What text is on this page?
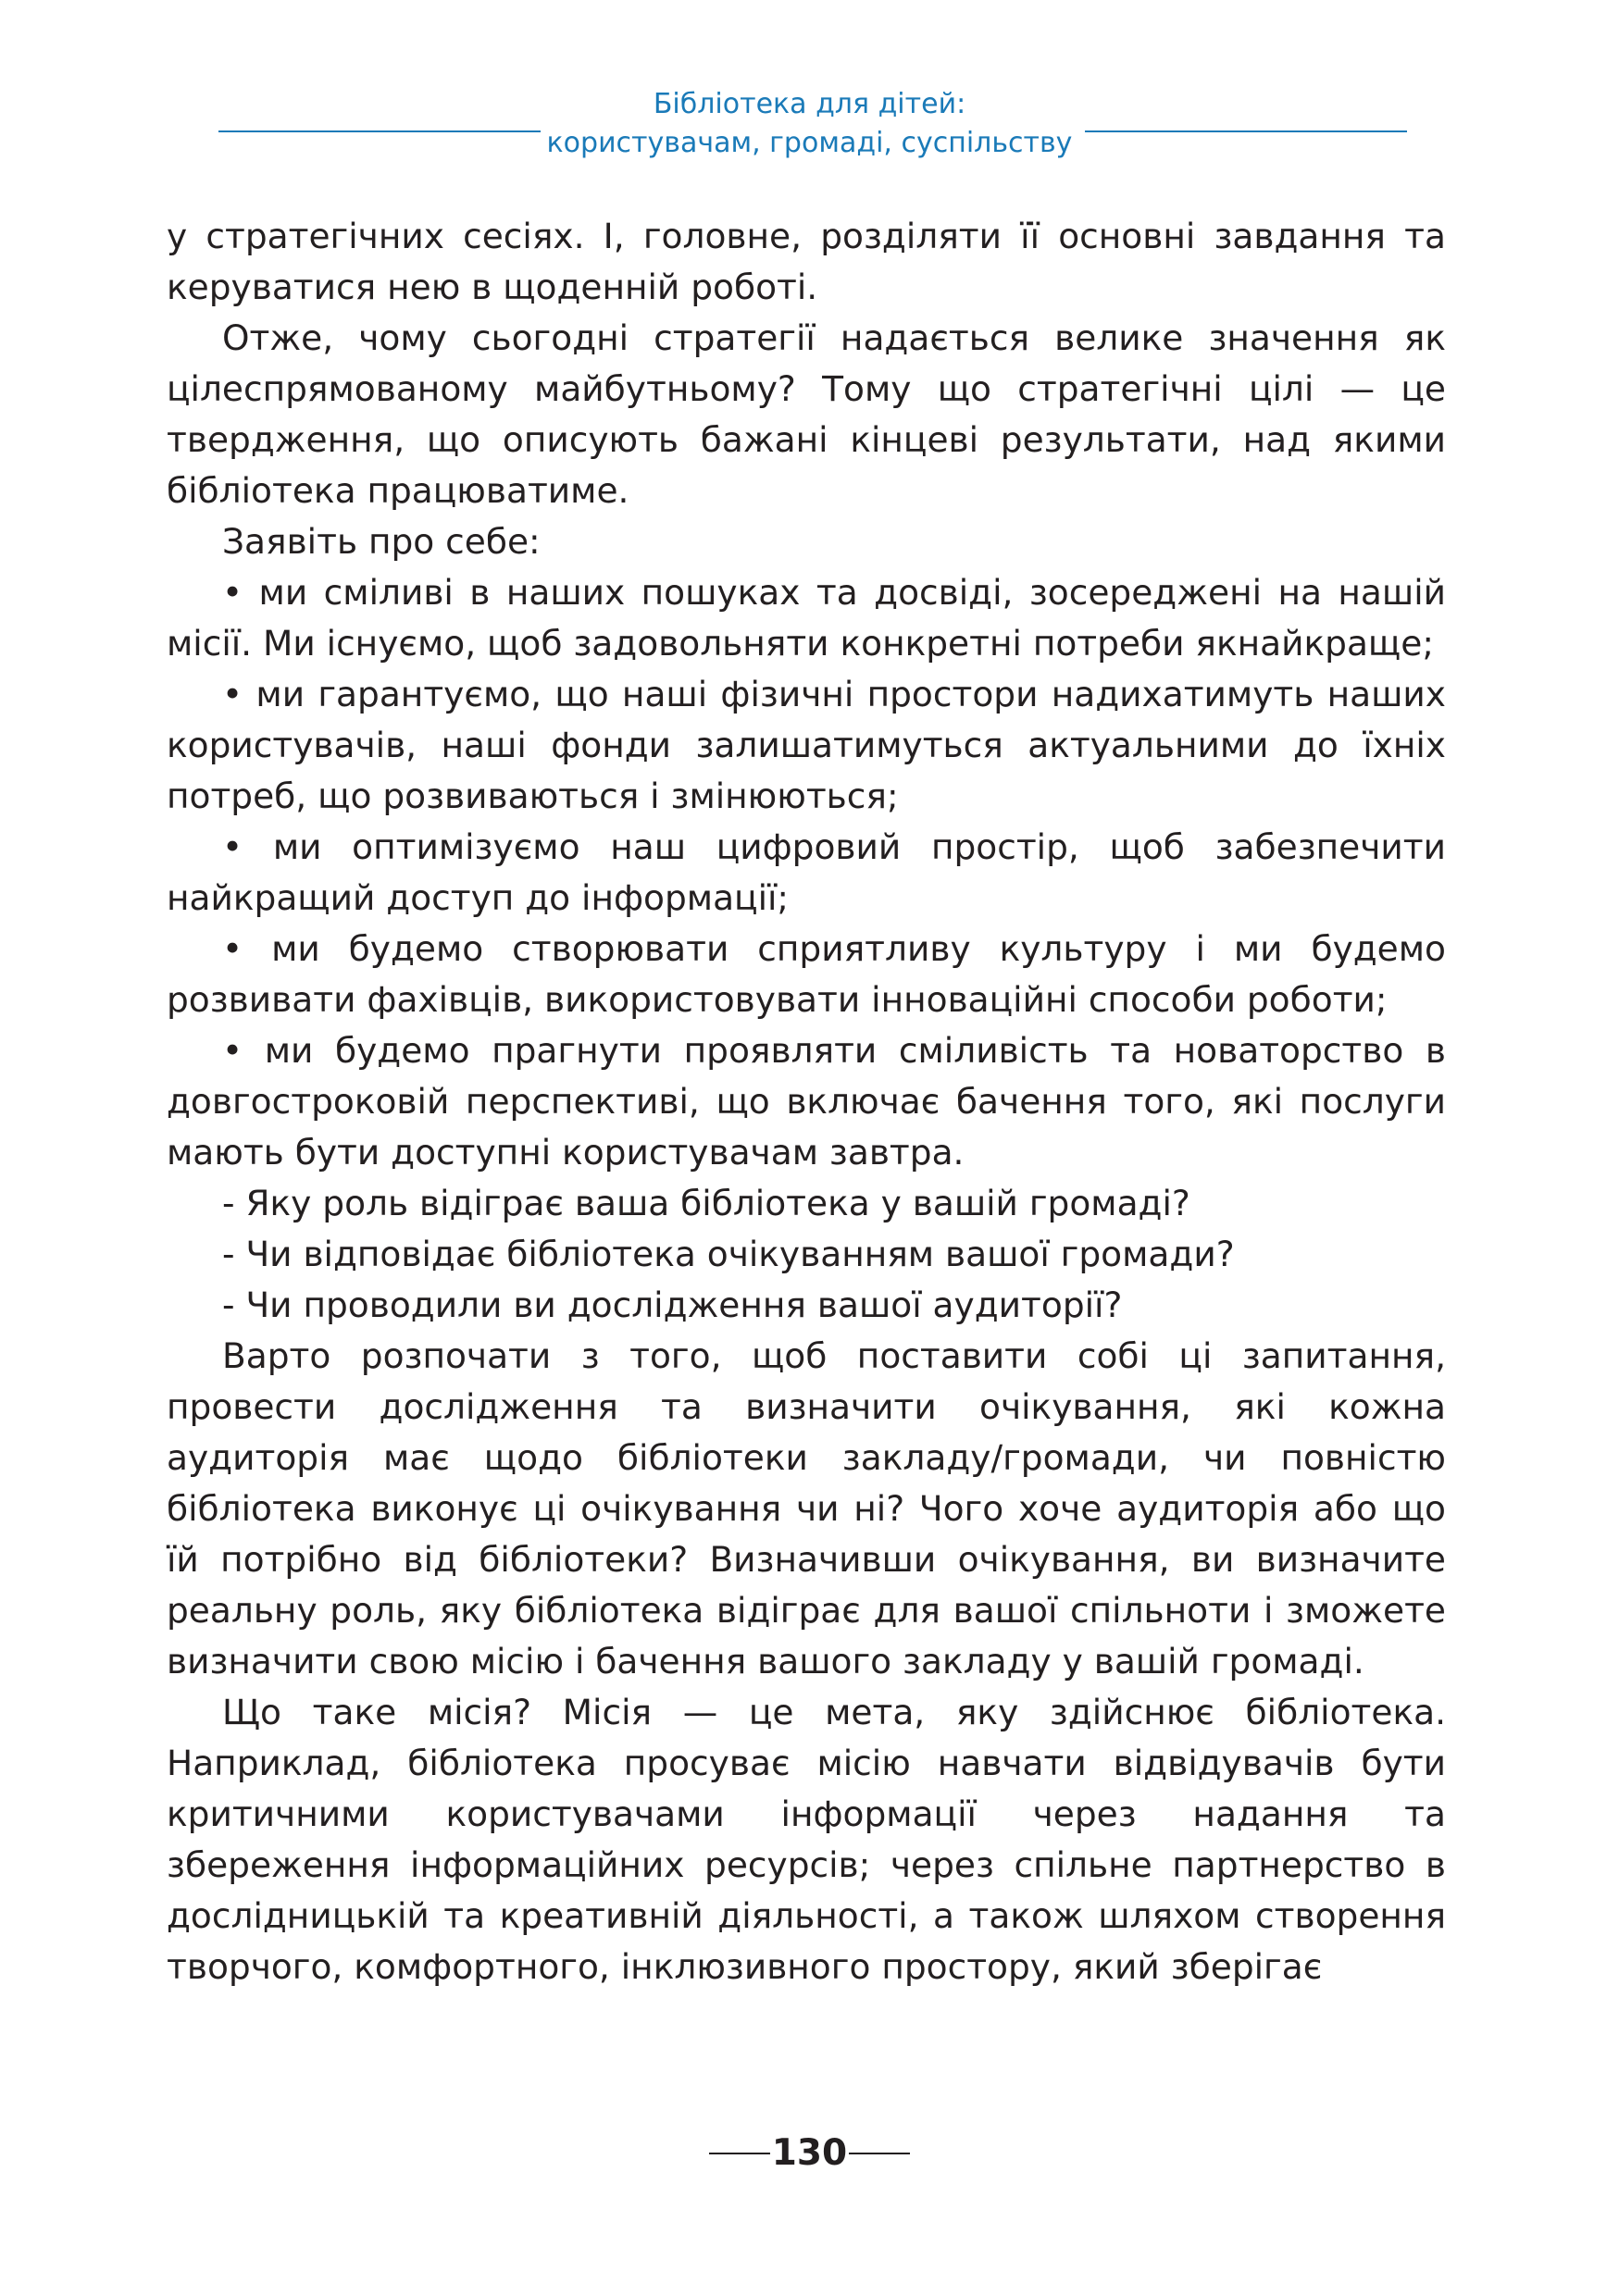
Бібліотека для дітей:
користувачам, громаді, суспільству

у стратегічних сесіях. І, головне, розділяти її основні завдання та керуватися нею в щоденній роботі.

Отже, чому сьогодні стратегії надається велике значення як цілеспрямованому майбутньому? Тому що стратегічні цілі — це твердження, що описують бажані кінцеві результати, над якими бібліотека працюватиме.

Заявіть про себе:

• ми сміливі в наших пошуках та досвіді, зосереджені на нашій місії. Ми існуємо, щоб задовольняти конкретні потреби якнайкраще;

• ми гарантуємо, що наші фізичні простори надихатимуть наших користувачів, наші фонди залишатимуться актуальними до їхніх потреб, що розвиваються і змінюються;

• ми оптимізуємо наш цифровий простір, щоб забезпечити найкращий доступ до інформації;

• ми будемо створювати сприятливу культуру і ми будемо розвивати фахівців, використовувати інноваційні способи роботи;

• ми будемо прагнути проявляти сміливість та новаторство в довгостроковій перспективі, що включає бачення того, які послуги мають бути доступні користувачам завтра.

- Яку роль відіграє ваша бібліотека у вашій громаді?

- Чи відповідає бібліотека очікуванням вашої громади?

- Чи проводили ви дослідження вашої аудиторії?

Варто розпочати з того, щоб поставити собі ці запитання, провести дослідження та визначити очікування, які кожна аудиторія має щодо бібліотеки закладу/громади, чи повністю бібліотека виконує ці очікування чи ні? Чого хоче аудиторія або що їй потрібно від бібліотеки? Визначивши очікування, ви визначите реальну роль, яку бібліотека відіграє для вашої спільноти і зможете визначити свою місію і бачення вашого закладу у вашій громаді.

Що таке місія? Місія — це мета, яку здійснює бібліотека. Наприклад, бібліотека просуває місію навчати відвідувачів бути критичними користувачами інформації через надання та збереження інформаційних ресурсів; через спільне партнерство в дослідницькій та креативній діяльності, а також шляхом створення творчого, комфортного, інклюзивного простору, який зберігає

130
